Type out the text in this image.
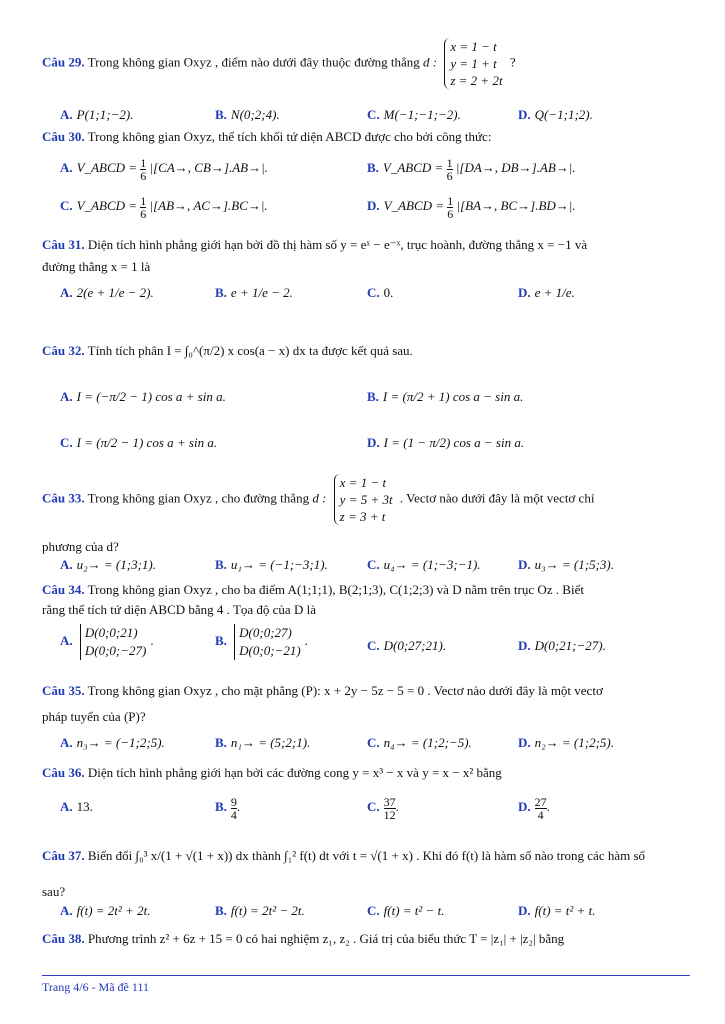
Câu 29. Trong không gian Oxyz , điểm nào dưới đây thuộc đường thẳng d :
x = 1 − t
y = 1 + t
z = 2 + 2t
?
A. P(1;1;−2).	B. N(0;2;4).	C. M(−1;−1;−2).	D. Q(−1;1;2).
Câu 30. Trong không gian Oxyz, thể tích khối tứ diện ABCD được cho bởi công thức:
A. V_ABCD = $\frac{1}{6} |[CA\to$, CB→].AB→|.	B. V_ABCD = $\frac{1}{6} |[DA\to$, DB→].AB→|.
C. V_ABCD = $\frac{1}{6} |[AB\to$, AC→].BC→|.	D. V_ABCD = $\frac{1}{6} |[BA\to$, BC→].BD→|.
Câu 31. Diện tích hình phẳng giới hạn bởi đồ thị hàm số y = eˣ − e⁻ˣ, trục hoành, đường thẳng x = −1 và
đường thẳng x = 1 là
A. 2(e + 1/e − 2).	B. e + 1/e − 2.	C. 0.	D. e + 1/e.
Câu 32. Tính tích phân I = ∫₀^(π/2) x cos(a − x) dx ta được kết quả sau.
A. I = (−π/2 − 1) cos a + sin a.	B. I = (π/2 + 1) cos a − sin a.
C. I = (π/2 − 1) cos a + sin a.	D. I = (1 − π/2) cos a − sin a.
Câu 33. Trong không gian Oxyz , cho đường thẳng d :
x = 1 − t
y = 5 + 3t
z = 3 + t
. Vectơ nào dưới đây là một vectơ chỉ
phương của d?
A. u₂→ = (1;3;1).	B. u₁→ = (−1;−3;1).	C. u₄→ = (1;−3;−1).	D. u₃→ = (1;5;3).
Câu 34. Trong không gian Oxyz , cho ba điểm A(1;1;1), B(2;1;3), C(1;2;3) và D nằm trên trục Oz . Biết
rằng thể tích tứ diện ABCD bằng 4 . Tọa độ của D là
A.
D(0;0;21)
D(0;0;−27)
.	B.
D(0;0;27)
D(0;0;−21)
.	C. D(0;27;21).	D. D(0;21;−27).
Câu 35. Trong không gian Oxyz , cho mặt phẳng (P): x + 2y − 5z − 5 = 0 . Vectơ nào dưới đây là một vectơ
pháp tuyến của (P)?
A. n₃→ = (−1;2;5).	B. n₁→ = (5;2;1).	C. n₄→ = (1;2;−5).	D. n₂→ = (1;2;5).
Câu 36. Diện tích hình phẳng giới hạn bởi các đường cong y = x³ − x và y = x − x² bằng
A. 13.	B. $\frac{9}{4}$ .	C. $\frac{37}{12}$ .	D. $\frac{27}{4}$ .
Câu 37. Biến đổi ∫₀³ x/(1 + √(1 + x)) dx thành ∫₁² f(t) dt với t = √(1 + x) . Khi đó f(t) là hàm số nào trong các hàm số
sau?
A. f(t) = 2t² + 2t.	B. f(t) = 2t² − 2t.	C. f(t) = t² − t.	D. f(t) = t² + t.
Câu 38. Phương trình z² + 6z + 15 = 0 có hai nghiệm z₁, z₂ . Giá trị của biểu thức T = |z₁| + |z₂| bằng
Trang 4/6 - Mã đề 111
